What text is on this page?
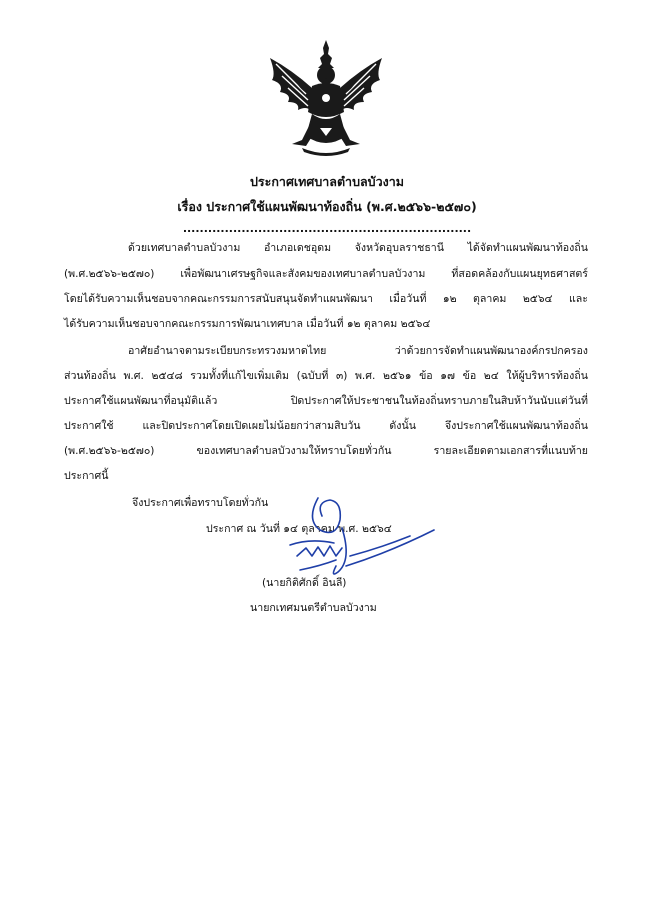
ประกาศเทศบาลตำบลบัวงาม
เรื่อง ประกาศใช้แผนพัฒนาท้องถิ่น (พ.ศ.๒๕๖๖-๒๕๗๐)
.....................................................................
ด้วยเทศบาลตำบลบัวงาม อำเภอเดชอุดม จังหวัดอุบลราชธานี ได้จัดทำแผนพัฒนาท้องถิ่น
(พ.ศ.๒๕๖๖-๒๕๗๐) เพื่อพัฒนาเศรษฐกิจและสังคมของเทศบาลตำบลบัวงาม ที่สอดคล้องกับแผนยุทธศาสตร์
โดยได้รับความเห็นชอบจากคณะกรรมการสนับสนุนจัดทำแผนพัฒนา เมื่อวันที่ ๑๒ ตุลาคม ๒๕๖๔ และ
ได้รับความเห็นชอบจากคณะกรรมการพัฒนาเทศบาล เมื่อวันที่ ๑๒ ตุลาคม ๒๕๖๔
อาศัยอำนาจตามระเบียบกระทรวงมหาดไทย ว่าด้วยการจัดทำแผนพัฒนาองค์กรปกครอง
ส่วนท้องถิ่น พ.ศ. ๒๕๔๘ รวมทั้งที่แก้ไขเพิ่มเติม (ฉบับที่ ๓) พ.ศ. ๒๕๖๑ ข้อ ๑๗ ข้อ ๒๔ ให้ผู้บริหารท้องถิ่น
ประกาศใช้แผนพัฒนาที่อนุมัติแล้ว ปิดประกาศให้ประชาชนในท้องถิ่นทราบภายในสิบห้าวันนับแต่วันที่
ประกาศใช้ และปิดประกาศโดยเปิดเผยไม่น้อยกว่าสามสิบวัน ดังนั้น จึงประกาศใช้แผนพัฒนาท้องถิ่น
(พ.ศ.๒๕๖๖-๒๕๗๐) ของเทศบาลตำบลบัวงามให้ทราบโดยทั่วกัน รายละเอียดตามเอกสารที่แนบท้าย
ประกาศนี้
จึงประกาศเพื่อทราบโดยทั่วกัน
ประกาศ ณ วันที่ ๑๔ ตุลาคม พ.ศ. ๒๕๖๔
(นายกิติศักดิ์ อินลี)
นายกเทศมนตรีตำบลบัวงาม
